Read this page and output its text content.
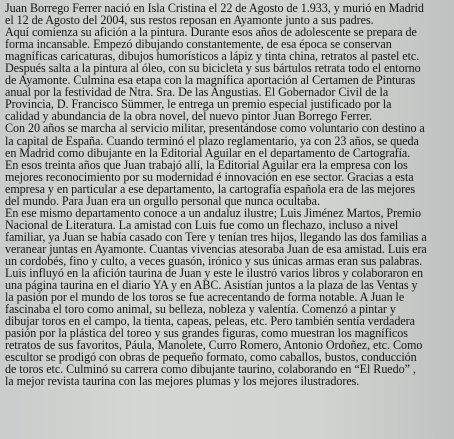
Juan Borrego Ferrer nació en Isla Cristina el 22 de Agosto de 1.933, y murió en Madrid
el 12 de Agosto del 2004, sus restos reposan en Ayamonte junto a sus padres.
Aquí comienza su afición a la pintura. Durante esos años de adolescente se prepara de
forma incansable. Empezó dibujando constantemente, de esa época se conservan
magníficas caricaturas, dibujos humorísticos a lápiz y tinta china, retratos al pastel etc.
Después salta a la pintura al óleo, con su bicicleta y sus bártulos retrata todo el entorno
de Ayamonte. Culmina esa etapa con la magnífica aportación al Certamen de Pinturas
anual por la festividad de Ntra. Sra. De las Angustias. El Gobernador Civil de la
Provincia, D. Francisco Sümmer, le entrega un premio especial justificado por la
calidad y abundancia de la obra novel, del nuevo pintor Juan Borrego Ferrer.
Con 20 años se marcha al servicio militar, presentándose como voluntario con destino a
la capital de España. Cuando terminó el plazo reglamentario, ya con 23 años, se queda
en Madrid como dibujante en la Editorial Aguilar en el departamento de Cartografía.
En esos treinta años que Juan trabajó allí, la Editorial Aguilar era la empresa con los
mejores reconocimiento por su modernidad é innovación en ese sector. Gracias a esta
empresa y en particular a ese departamento, la cartografía española era de las mejores
del mundo. Para Juan era un orgullo personal que nunca ocultaba.
En ese mismo departamento conoce a un andaluz ilustre; Luis Jiménez Martos, Premio
Nacional de Literatura. La amistad con Luis fue como un flechazo, incluso a nivel
familiar, ya Juan se había casado con Tere y tenían tres hijos, llegando las dos familias a
veranear juntas en Ayamonte. Cuantas vivencias atesoraba Juan de esa amistad. Luis era
un cordobés, fino y culto, a veces guasón, irónico y sus únicas armas eran sus palabras.
Luis influyó en la afición taurina de Juan y este le ilustró varios libros y colaboraron en
una página taurina en el diario YA y en ABC. Asistían juntos a la plaza de las Ventas y
la pasión por el mundo de los toros se fue acrecentando de forma notable. A Juan le
fascinaba el toro como animal, su belleza, nobleza y valentía. Comenzó a pintar y
dibujar toros en el campo, la tienta, capeas, peleas, etc. Pero también sentía verdadera
pasión por la plástica del toreo y sus grandes figuras, como muestran los magníficos
retratos de sus favoritos, Páula, Manolete, Curro Romero, Antonio Ordoñez, etc. Como
escultor se prodigó con obras de pequeño formato, como caballos, bustos, conducción
de toros etc. Culminó su carrera como dibujante taurino, colaborando en “El Ruedo” ,
la mejor revista taurina con las mejores plumas y los mejores ilustradores.
